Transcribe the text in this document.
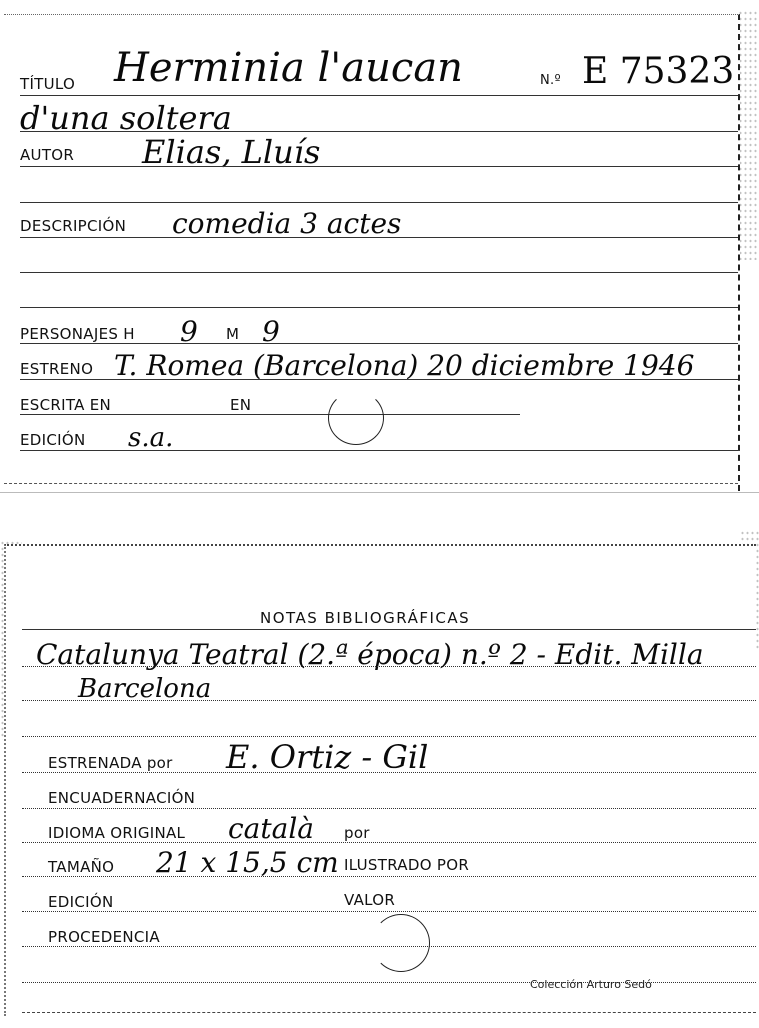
TÍTULO Herminia l'aucan	N.º E 75323
d'una soltera
AUTOR Elias, Lluís
DESCRIPCIÓN comedia 3 actes
PERSONAJES H 9 M 9
ESTRENO T. Romea (Barcelona) 20 diciembre 1946
ESCRITA EN	EN
EDICIÓN s.a.
NOTAS BIBLIOGRÁFICAS
Catalunya Teatral (2.ª época) n.º 2 - Edit. Milla
Barcelona
ESTRENADA por E. Ortiz - Gil
ENCUADERNACIÓN
IDIOMA ORIGINAL català por
TAMAÑO 21 x 15,5 cm ILUSTRADO POR
EDICIÓN	VALOR
PROCEDENCIA
Colección Arturo Sedó
